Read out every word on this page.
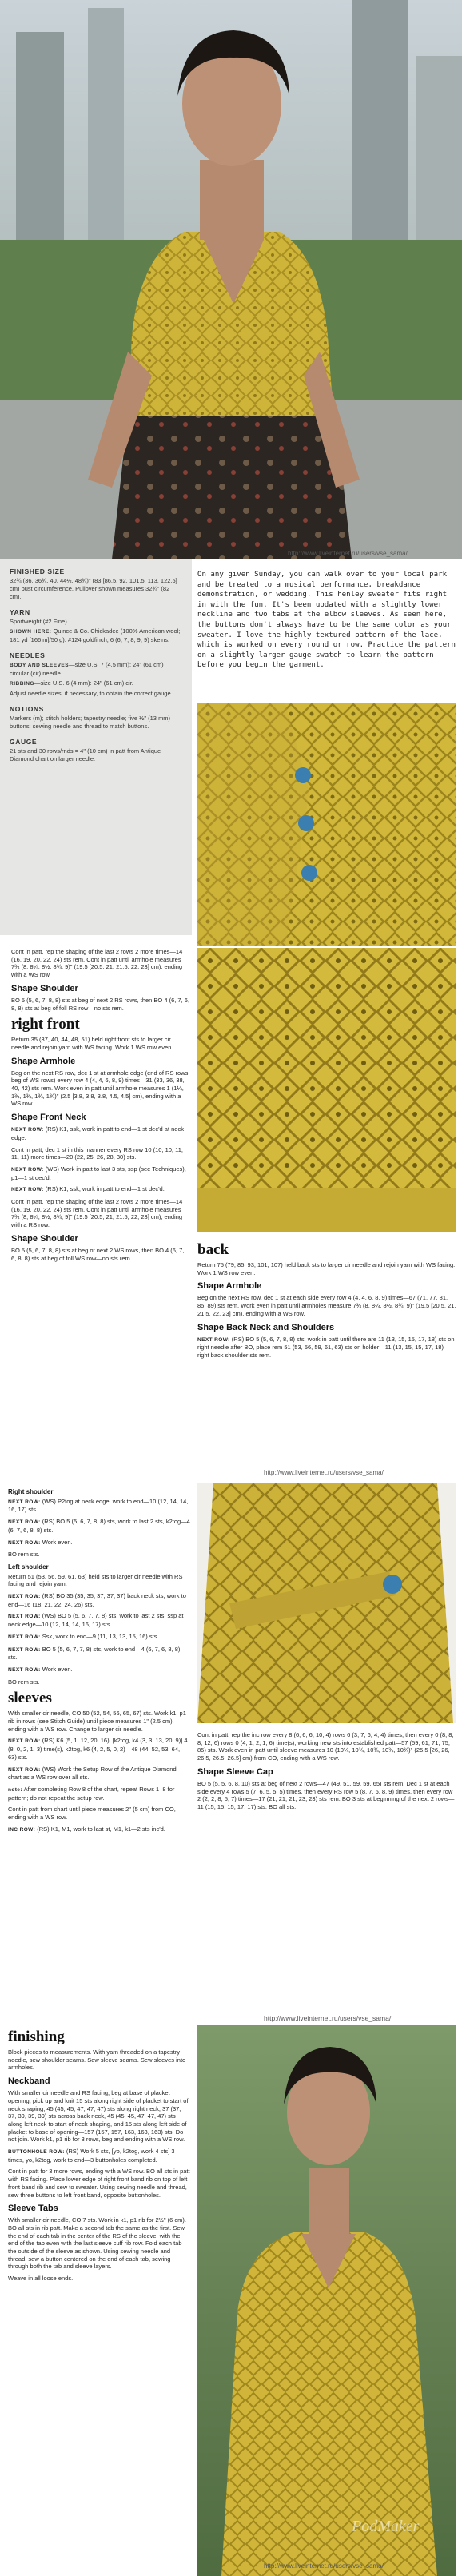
FINISHED SIZE

32¾ (36, 36¾, 40, 44½, 48¾)" (83 [86.5, 92, 101.5, 113, 122.5] cm) bust circumference. Pullover shown measures 32¾" (82 cm).

YARN

Sportweight (#2 Fine).

SHOWN HERE: Quince & Co. Chickadee (100% American wool; 181 yd [166 m]/50 g): #124 goldfinch, 6 (6, 7, 8, 9, 9) skeins.

NEEDLES

BODY AND SLEEVES—size U.S. 7 (4.5 mm): 24" (61 cm) circular (cir) needle.

RIBBING—size U.S. 6 (4 mm): 24" (61 cm) cir.

Adjust needle sizes, if necessary, to obtain the correct gauge.

NOTIONS

Markers (m); stitch holders; tapestry needle; five ½" (13 mm) buttons; sewing needle and thread to match buttons.

GAUGE

21 sts and 30 rows/rnds = 4" (10 cm) in patt from Antique Diamond chart on larger needle.

http://www.liveinternet.ru/users/vse_sama/

On any given Sunday, you can walk over to your local park and be treated to a musical performance, breakdance demonstration, or wedding. This henley sweater fits right in with the fun. It's been updated with a slightly lower neckline and two tabs at the elbow sleeves. As seen here, the buttons don't always have to be the same color as your sweater. I love the highly textured pattern of the lace, which is worked on every round or row. Practice the pattern on a slightly larger gauge swatch to learn the pattern before you begin the garment.

Cont in patt, rep the shaping of the last 2 rows 2 more times—14 (16, 19, 20, 22, 24) sts rem. Cont in patt until armhole measures 7¾ (8, 8¼, 8½, 8¾, 9)" (19.5 [20.5, 21, 21.5, 22, 23] cm), ending with a WS row.

Shape Shoulder

BO 5 (5, 6, 7, 8, 8) sts at beg of next 2 RS rows, then BO 4 (6, 7, 6, 8, 8) sts at beg of foll RS row—no sts rem.

right front

Return 35 (37, 40, 44, 48, 51) held right front sts to larger cir needle and rejoin yarn with WS facing. Work 1 WS row even.

Shape Armhole

Beg on the next RS row, dec 1 st at armhole edge (end of RS rows, beg of WS rows) every row 4 (4, 4, 6, 8, 9) times—31 (33, 36, 38, 40, 42) sts rem. Work even in patt until armhole measures 1 (1¼, 1¾, 1¾, 1¾, 1¾)" (2.5 [3.8, 3.8, 3.8, 4.5, 4.5] cm), ending with a WS row.

Shape Front Neck

NEXT ROW: (RS) K1, ssk, work in patt to end—1 st dec'd at neck edge.

Cont in patt, dec 1 st in this manner every RS row 10 (10, 10, 11, 11, 11) more times—20 (22, 25, 26, 28, 30) sts.

NEXT ROW: (WS) Work in patt to last 3 sts, ssp (see Techniques), p1—1 st dec'd.

NEXT ROW: (RS) K1, ssk, work in patt to end—1 st dec'd.

Cont in patt, rep the shaping of the last 2 rows 2 more times—14 (16, 19, 20, 22, 24) sts rem. Cont in patt until armhole measures 7¾ (8, 8¼, 8½, 8¾, 9)" (19.5 [20.5, 21, 21.5, 22, 23] cm), ending with a RS row.

Shape Shoulder

BO 5 (5, 6, 7, 8, 8) sts at beg of next 2 WS rows, then BO 4 (6, 7, 6, 8, 8) sts at beg of foll WS row—no sts rem.

back

Return 75 (79, 85, 93, 101, 107) held back sts to larger cir needle and rejoin yarn with WS facing. Work 1 WS row even.

Shape Armhole

Beg on the next RS row, dec 1 st at each side every row 4 (4, 4, 6, 8, 9) times—67 (71, 77, 81, 85, 89) sts rem. Work even in patt until armholes measure 7¾ (8, 8¼, 8½, 8¾, 9)" (19.5 [20.5, 21, 21.5, 22, 23] cm), ending with a WS row.

Shape Back Neck and Shoulders

NEXT ROW: (RS) BO 5 (5, 6, 7, 8, 8) sts, work in patt until there are 11 (13, 15, 15, 17, 18) sts on right needle after BO, place rem 51 (53, 56, 59, 61, 63) sts on holder—11 (13, 15, 15, 17, 18) right back shoulder sts rem.

http://www.liveinternet.ru/users/vse_sama/
Right shoulder

NEXT ROW: (WS) P2tog at neck edge, work to end—10 (12, 14, 14, 16, 17) sts.

NEXT ROW: (RS) BO 5 (5, 6, 7, 8, 8) sts, work to last 2 sts, k2tog—4 (6, 7, 6, 8, 8) sts.

NEXT ROW: Work even.

BO rem sts.

Left shoulder

Return 51 (53, 56, 59, 61, 63) held sts to larger cir needle with RS facing and rejoin yarn.

NEXT ROW: (RS) BO 35 (35, 35, 37, 37, 37) back neck sts, work to end—16 (18, 21, 22, 24, 26) sts.

NEXT ROW: (WS) BO 5 (5, 6, 7, 7, 8) sts, work to last 2 sts, ssp at neck edge—10 (12, 14, 14, 16, 17) sts.

NEXT ROW: Ssk, work to end—9 (11, 13, 13, 15, 16) sts.

NEXT ROW: BO 5 (5, 6, 7, 7, 8) sts, work to end—4 (6, 7, 6, 8, 8) sts.

NEXT ROW: Work even.

BO rem sts.

sleeves

With smaller cir needle, CO 50 (52, 54, 56, 65, 67) sts. Work k1, p1 rib in rows (see Stitch Guide) until piece measures 1" (2.5 cm), ending with a WS row. Change to larger cir needle.

NEXT ROW: (RS) K6 (5, 1, 12, 20, 16), [k2tog, k4 (3, 3, 13, 20, 9)] 4 (8, 0, 2, 1, 3) time(s), k2tog, k6 (4, 2, 5, 0, 2)—48 (44, 52, 53, 64, 63) sts.

NEXT ROW: (WS) Work the Setup Row of the Antique Diamond chart as a WS row over all sts.

note: After completing Row 8 of the chart, repeat Rows 1–8 for pattern; do not repeat the setup row.

Cont in patt from chart until piece measures 2" (5 cm) from CO, ending with a WS row.

INC ROW: (RS) K1, M1, work to last st, M1, k1—2 sts inc'd.

Cont in patt, rep the inc row every 8 (6, 6, 6, 10, 4) rows 6 (3, 7, 6, 4, 4) times, then every 0 (8, 8, 8, 12, 6) rows 0 (4, 1, 2, 1, 6) time(s), working new sts into established patt—57 (59, 61, 71, 75, 85) sts. Work even in patt until sleeve measures 10 (10¼, 10¾, 10¾, 10¾, 10¾)" (25.5 [26, 26, 26.5, 26.5, 26.5] cm) from CO, ending with a WS row.

Shape Sleeve Cap

BO 5 (5, 5, 6, 8, 10) sts at beg of next 2 rows—47 (49, 51, 59, 59, 65) sts rem. Dec 1 st at each side every 4 rows 5 (7, 6, 5, 5, 5) times, then every RS row 5 (8, 7, 6, 8, 9) times, then every row 2 (2, 2, 8, 5, 7) times—17 (21, 21, 21, 23, 23) sts rem. BO 3 sts at beginning of the next 2 rows—11 (15, 15, 15, 17, 17) sts. BO all sts.

http://www.liveinternet.ru/users/vse_sama/
finishing

Block pieces to measurements. With yarn threaded on a tapestry needle, sew shoulder seams. Sew sleeve seams. Sew sleeves into armholes.

Neckband

With smaller cir needle and RS facing, beg at base of placket opening, pick up and knit 15 sts along right side of placket to start of neck shaping, 45 (45, 45, 47, 47, 47) sts along right neck, 37 (37, 37, 39, 39, 39) sts across back neck, 45 (45, 45, 47, 47, 47) sts along left neck to start of neck shaping, and 15 sts along left side of placket to base of opening—157 (157, 157, 163, 163, 163) sts. Do not join. Work k1, p1 rib for 3 rows, beg and ending with a WS row.

BUTTONHOLE ROW: (RS) Work 5 sts, [yo, k2tog, work 4 sts] 3 times, yo, k2tog, work to end—3 buttonholes completed.

Cont in patt for 3 more rows, ending with a WS row. BO all sts in patt with RS facing. Place lower edge of right front band rib on top of left front band rib and sew to sweater. Using sewing needle and thread, sew three buttons to left front band, opposite buttonholes.

Sleeve Tabs

With smaller cir needle, CO 7 sts. Work in k1, p1 rib for 2½" (6 cm). BO all sts in rib patt. Make a second tab the same as the first. Sew the end of each tab in the center of the RS of the sleeve, with the end of the tab even with the last sleeve cuff rib row. Fold each tab the outside of the sleeve as shown. Using sewing needle and thread, sew a button centered on the end of each tab, sewing through both the tab and sleeve layers.

Weave in all loose ends.

PodMaker
http://www.liveinternet.ru/users/vse_sama/
